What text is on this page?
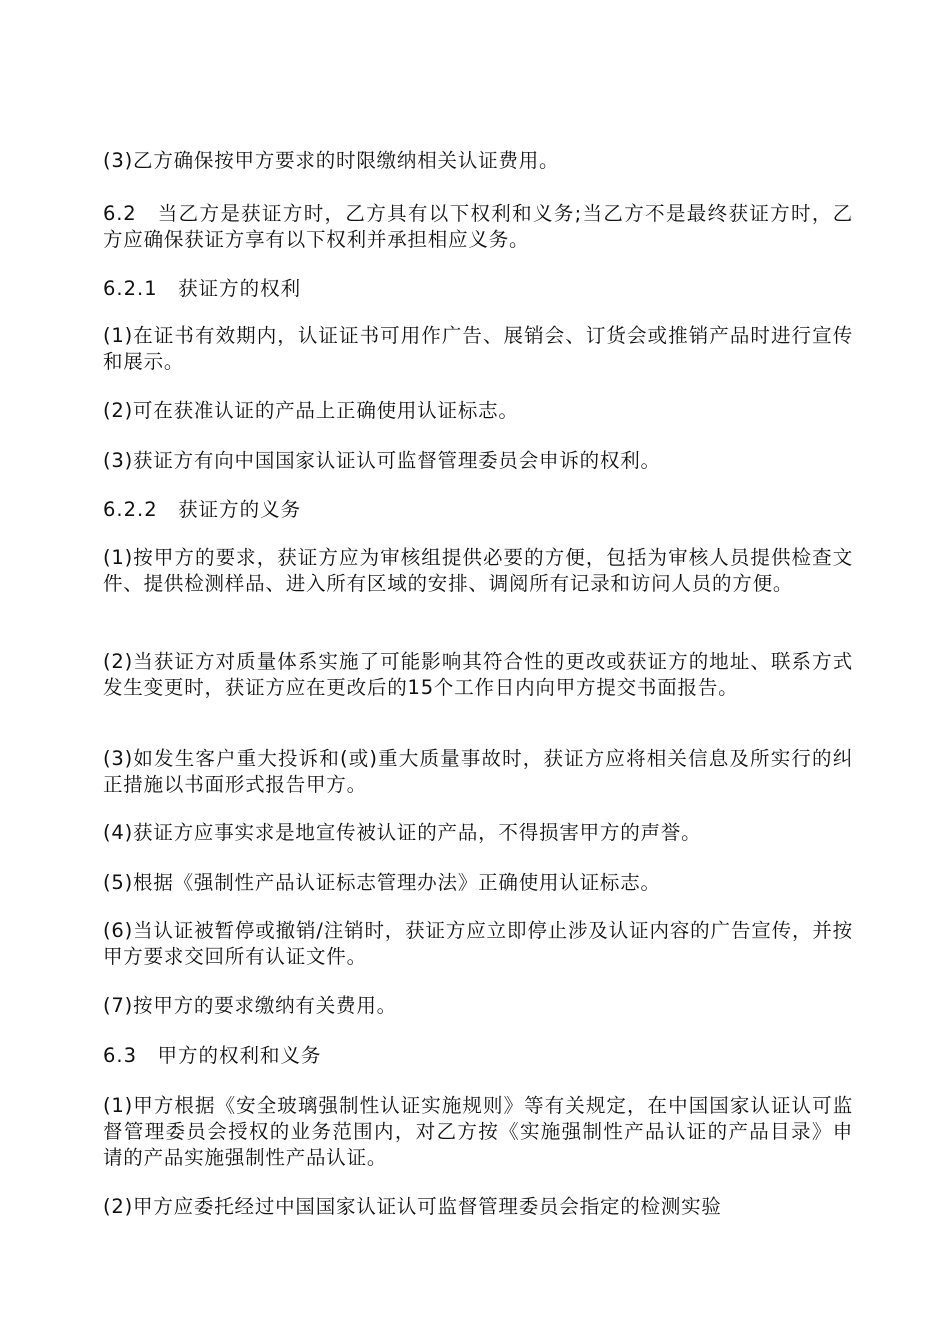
(3)乙方确保按甲方要求的时限缴纳相关认证费用。

6.2　当乙方是获证方时，乙方具有以下权利和义务;当乙方不是最终获证方时，乙方应确保获证方享有以下权利并承担相应义务。

6.2.1　获证方的权利

(1)在证书有效期内，认证证书可用作广告、展销会、订货会或推销产品时进行宣传和展示。

(2)可在获准认证的产品上正确使用认证标志。

(3)获证方有向中国国家认证认可监督管理委员会申诉的权利。

6.2.2　获证方的义务

(1)按甲方的要求，获证方应为审核组提供必要的方便，包括为审核人员提供检查文件、提供检测样品、进入所有区域的安排、调阅所有记录和访问人员的方便。

(2)当获证方对质量体系实施了可能影响其符合性的更改或获证方的地址、联系方式发生变更时，获证方应在更改后的15个工作日内向甲方提交书面报告。

(3)如发生客户重大投诉和(或)重大质量事故时，获证方应将相关信息及所实行的纠正措施以书面形式报告甲方。

(4)获证方应事实求是地宣传被认证的产品，不得损害甲方的声誉。

(5)根据《强制性产品认证标志管理办法》正确使用认证标志。

(6)当认证被暂停或撤销/注销时，获证方应立即停止涉及认证内容的广告宣传，并按甲方要求交回所有认证文件。

(7)按甲方的要求缴纳有关费用。

6.3　甲方的权利和义务

(1)甲方根据《安全玻璃强制性认证实施规则》等有关规定，在中国国家认证认可监督管理委员会授权的业务范围内，对乙方按《实施强制性产品认证的产品目录》申请的产品实施强制性产品认证。

(2)甲方应委托经过中国国家认证认可监督管理委员会指定的检测实验
